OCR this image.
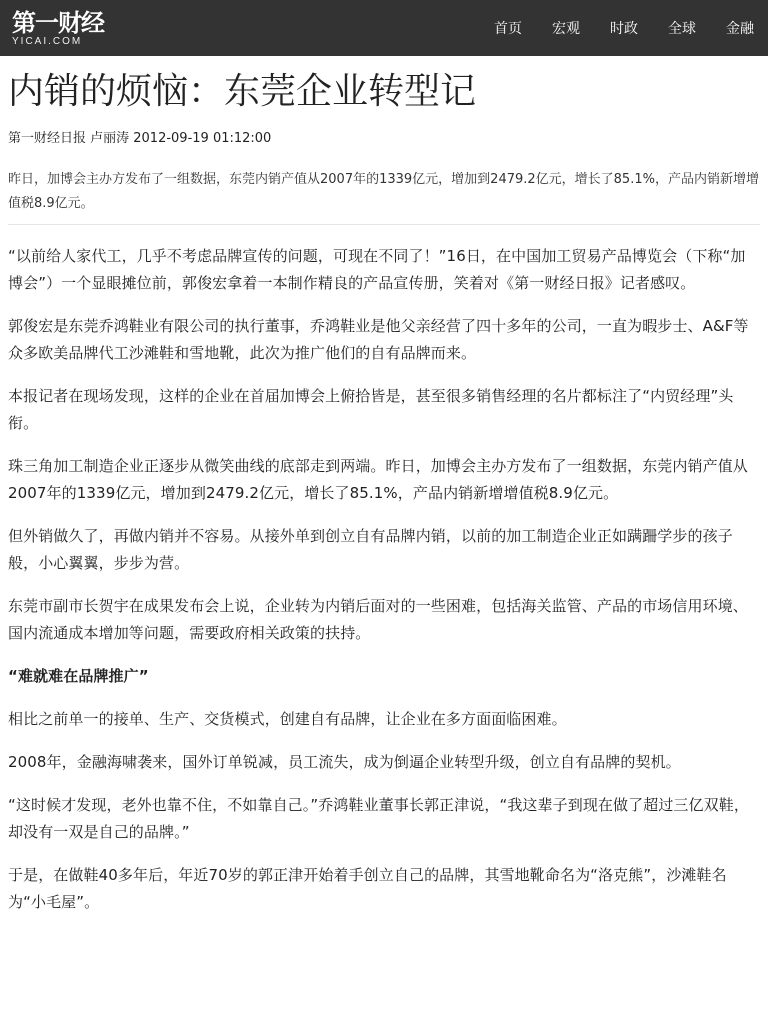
第一财经
YICAI.COM
首页	宏观	时政	全球	金融
内销的烦恼：东莞企业转型记
第一财经日报 卢丽涛 2012-09-19 01:12:00
昨日，加博会主办方发布了一组数据，东莞内销产值从2007年的1339亿元，增加到2479.2亿元，增长了85.1%，产品内销新增增值税8.9亿元。

“以前给人家代工，几乎不考虑品牌宣传的问题，可现在不同了！”16日，在中国加工贸易产品博览会（下称“加博会”）一个显眼摊位前，郭俊宏拿着一本制作精良的产品宣传册，笑着对《第一财经日报》记者感叹。

郭俊宏是东莞乔鸿鞋业有限公司的执行董事，乔鸿鞋业是他父亲经营了四十多年的公司，一直为暇步士、A&F等众多欧美品牌代工沙滩鞋和雪地靴，此次为推广他们的自有品牌而来。

本报记者在现场发现，这样的企业在首届加博会上俯拾皆是，甚至很多销售经理的名片都标注了“内贸经理”头衔。

珠三角加工制造企业正逐步从微笑曲线的底部走到两端。昨日，加博会主办方发布了一组数据，东莞内销产值从2007年的1339亿元，增加到2479.2亿元，增长了85.1%，产品内销新增增值税8.9亿元。

但外销做久了，再做内销并不容易。从接外单到创立自有品牌内销，以前的加工制造企业正如蹒跚学步的孩子般，小心翼翼，步步为营。

东莞市副市长贺宇在成果发布会上说，企业转为内销后面对的一些困难，包括海关监管、产品的市场信用环境、国内流通成本增加等问题，需要政府相关政策的扶持。

“难就难在品牌推广”

相比之前单一的接单、生产、交货模式，创建自有品牌，让企业在多方面面临困难。

2008年，金融海啸袭来，国外订单锐减，员工流失，成为倒逼企业转型升级，创立自有品牌的契机。

“这时候才发现，老外也靠不住，不如靠自己。”乔鸿鞋业董事长郭正津说，“我这辈子到现在做了超过三亿双鞋，却没有一双是自己的品牌。”

于是，在做鞋40多年后，年近70岁的郭正津开始着手创立自己的品牌，其雪地靴命名为“洛克熊”，沙滩鞋名为“小毛屋”。
